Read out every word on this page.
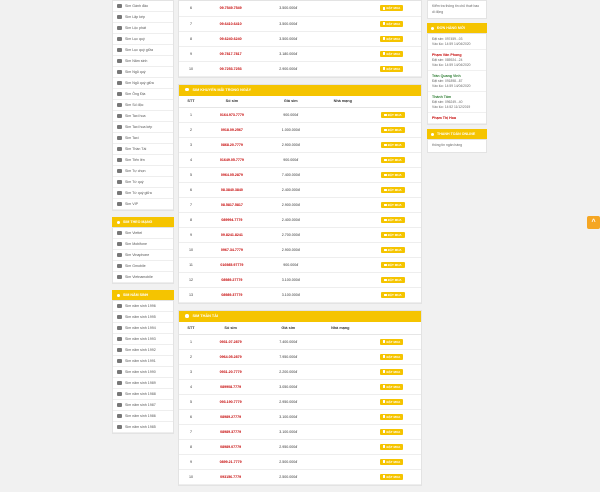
Sim Gánh đảo
Sim Lặp kép
Sim Lộc phát
Sim Lục quý
Sim Lục quý giữa
Sim Năm sinh
Sim Ngũ quý
Sim Ngũ quý giữa
Sim Ông Địa
Sim Số độc
Sim Taxi hoa
Sim Taxi hoa kép
Sim Taxi
Sim Thần Tài
Sim Tiến lên
Sim Tự chọn
Sim Tứ quý
Sim Tứ quý giữa
Sim VIP
SIM THEO MẠNG
Sim Viettel
Sim Mobifone
Sim Vinaphone
Sim Gmobile
Sim Vietnamobile
SIM NĂM SINH
Sim năm sinh 1996
Sim năm sinh 1995
Sim năm sinh 1994
Sim năm sinh 1993
Sim năm sinh 1992
Sim năm sinh 1991
Sim năm sinh 1990
Sim năm sinh 1989
Sim năm sinh 1988
Sim năm sinh 1987
Sim năm sinh 1986
Sim năm sinh 1985
6	09.7549.7549	3.500.000đ		ĐẶT MUA
7	09.6410.6410	3.500.000đ		ĐẶT MUA
8	09.6240.6240	3.500.000đ		ĐẶT MUA
9	09.7817.7817	3.180.000đ		ĐẶT MUA
10	09.7253.7253	2.900.000đ		ĐẶT MUA
SIM KHUYẾN MÃI TRONG NGÀY
STT	Số sim	Giá sim	Nhà mạng	
1	0164.973.7779	900.000đ		ĐẶT MUA
2	0918.09.2567	1.000.000đ		ĐẶT MUA
3	0868.20.7779	2.900.000đ		ĐẶT MUA
4	01649.05.7779	900.000đ		ĐẶT MUA
5	0964.05.2879	7.400.000đ		ĐẶT MUA
6	08.3840.3840	2.400.000đ		ĐẶT MUA
7	08.5817.5817	2.900.000đ		ĐẶT MUA
8	089994.7779	2.400.000đ		ĐẶT MUA
9	09.8241.8241	2.700.000đ		ĐẶT MUA
10	0967.34.7779	2.900.000đ		ĐẶT MUA
11	016985.97779	900.000đ		ĐẶT MUA
12	08989.27779	3.100.000đ		ĐẶT MUA
13	08989.37779	3.100.000đ		ĐẶT MUA
SIM THẦN TÀI
STT	Số sim	Giá sim	Nhà mạng	
1	0931.07.2879	7.400.000đ		ĐẶT MUA
2	0964.05.2879	7.950.000đ		ĐẶT MUA
3	0931.20.7779	2.200.000đ		ĐẶT MUA
4	089908.7779	3.050.000đ		ĐẶT MUA
5	093.190.7779	2.950.000đ		ĐẶT MUA
6	08989.27779	3.100.000đ		ĐẶT MUA
7	08989.37779	3.100.000đ		ĐẶT MUA
8	08989.07779	2.950.000đ		ĐẶT MUA
9	0899.21.7779	2.500.000đ		ĐẶT MUA
10	093156.7779	2.500.000đ		ĐẶT MUA
Kiểm tra thông tin chủ thuê bao di động
ĐƠN HÀNG MỚI
Đặt sim: 097459...03
Vào lúc: 14:59 14/04/2020
Phạm Văn Phong
Đặt sim: 085924...24
Vào lúc: 14:59 14/04/2020
Trần Quang Vinh
Đặt sim: 091898...87
Vào lúc: 14:59 14/04/2020
Thành Tâm
Đặt sim: 096249...40
Vào lúc: 14:52 11/12/2019
Phạm Thị Hoa
THANH TOÁN ONLINE
thông tin ngân hàng
^
